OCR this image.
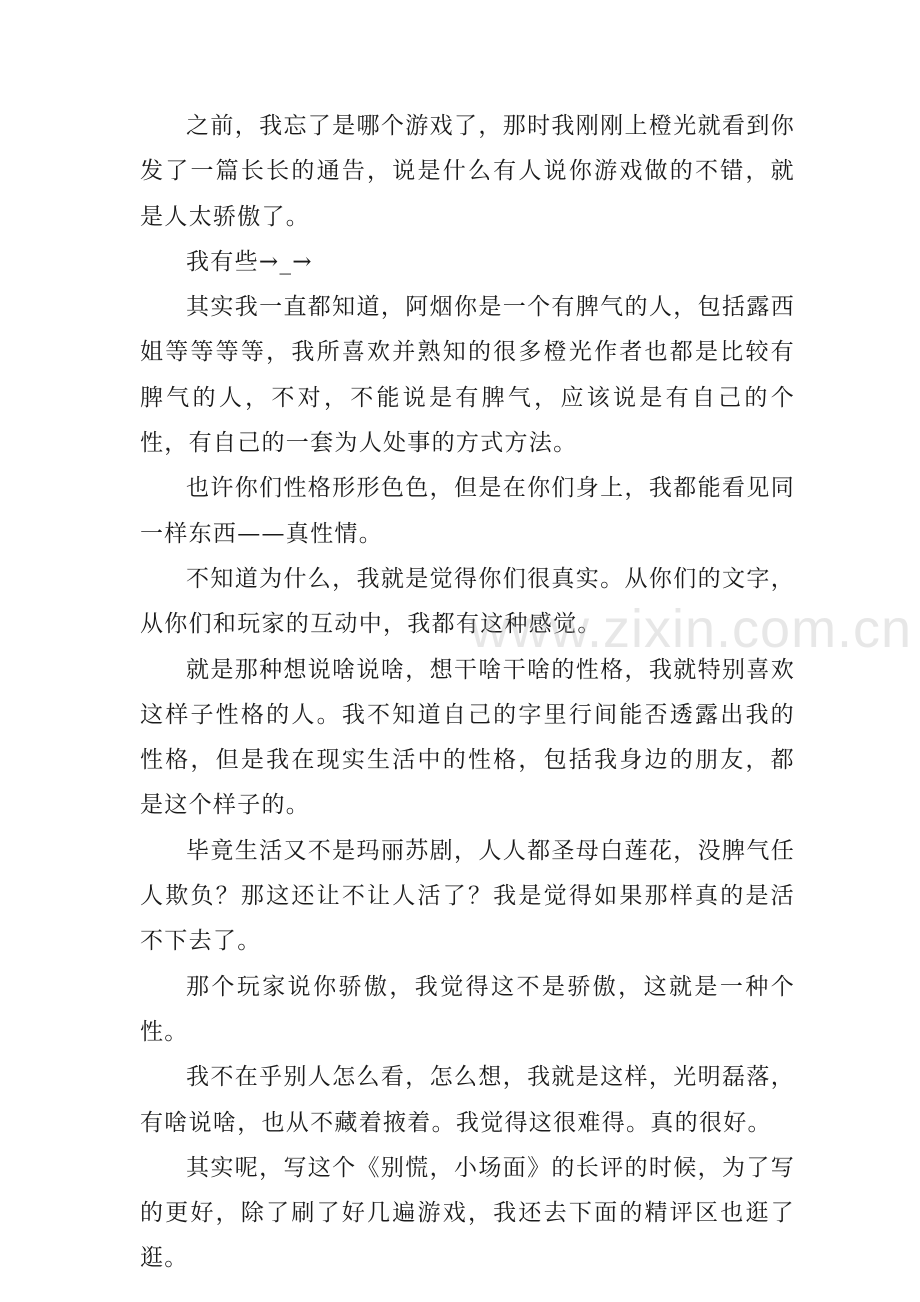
之前，我忘了是哪个游戏了，那时我刚刚上橙光就看到你发了一篇长长的通告，说是什么有人说你游戏做的不错，就是人太骄傲了。

我有些→_→

其实我一直都知道，阿烟你是一个有脾气的人，包括露西姐等等等等，我所喜欢并熟知的很多橙光作者也都是比较有脾气的人，不对，不能说是有脾气，应该说是有自己的个性，有自己的一套为人处事的方式方法。

也许你们性格形形色色，但是在你们身上，我都能看见同一样东西——真性情。

不知道为什么，我就是觉得你们很真实。从你们的文字，从你们和玩家的互动中，我都有这种感觉。

就是那种想说啥说啥，想干啥干啥的性格，我就特别喜欢这样子性格的人。我不知道自己的字里行间能否透露出我的性格，但是我在现实生活中的性格，包括我身边的朋友，都是这个样子的。

毕竟生活又不是玛丽苏剧，人人都圣母白莲花，没脾气任人欺负？那这还让不让人活了？我是觉得如果那样真的是活不下去了。

那个玩家说你骄傲，我觉得这不是骄傲，这就是一种个性。

我不在乎别人怎么看，怎么想，我就是这样，光明磊落，有啥说啥，也从不藏着掖着。我觉得这很难得。真的很好。

其实呢，写这个《别慌，小场面》的长评的时候，为了写的更好，除了刷了好几遍游戏，我还去下面的精评区也逛了逛。

www.zixin.com.cn
